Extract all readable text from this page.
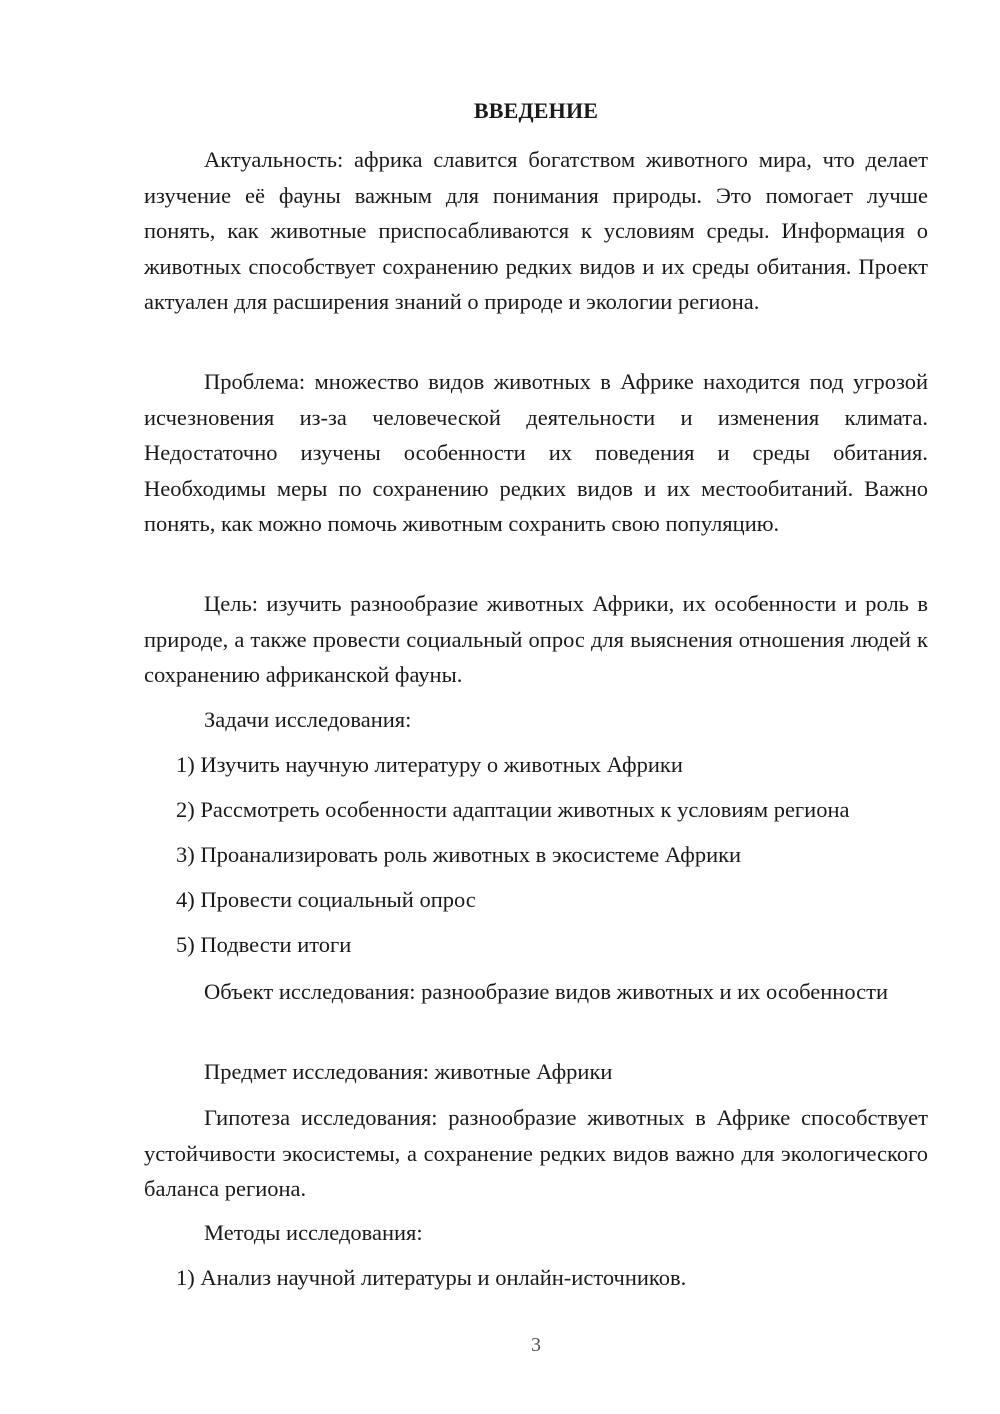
ВВЕДЕНИЕ

Актуальность: африка славится богатством животного мира, что делает изучение её фауны важным для понимания природы. Это помогает лучше понять, как животные приспосабливаются к условиям среды. Информация о животных способствует сохранению редких видов и их среды обитания. Проект актуален для расширения знаний о природе и экологии региона.

Проблема: множество видов животных в Африке находится под угрозой исчезновения из-за человеческой деятельности и изменения климата. Недостаточно изучены особенности их поведения и среды обитания. Необходимы меры по сохранению редких видов и их местообитаний. Важно понять, как можно помочь животным сохранить свою популяцию.

Цель: изучить разнообразие животных Африки, их особенности и роль в природе, а также провести социальный опрос для выяснения отношения людей к сохранению африканской фауны.

Задачи исследования:

1) Изучить научную литературу о животных Африки

2) Рассмотреть особенности адаптации животных к условиям региона

3) Проанализировать роль животных в экосистеме Африки

4) Провести социальный опрос

5) Подвести итоги

Объект исследования: разнообразие видов животных и их особенности

Предмет исследования: животные Африки

Гипотеза исследования: разнообразие животных в Африке способствует устойчивости экосистемы, а сохранение редких видов важно для экологического баланса региона.

Методы исследования:

1) Анализ научной литературы и онлайн-источников.

3
